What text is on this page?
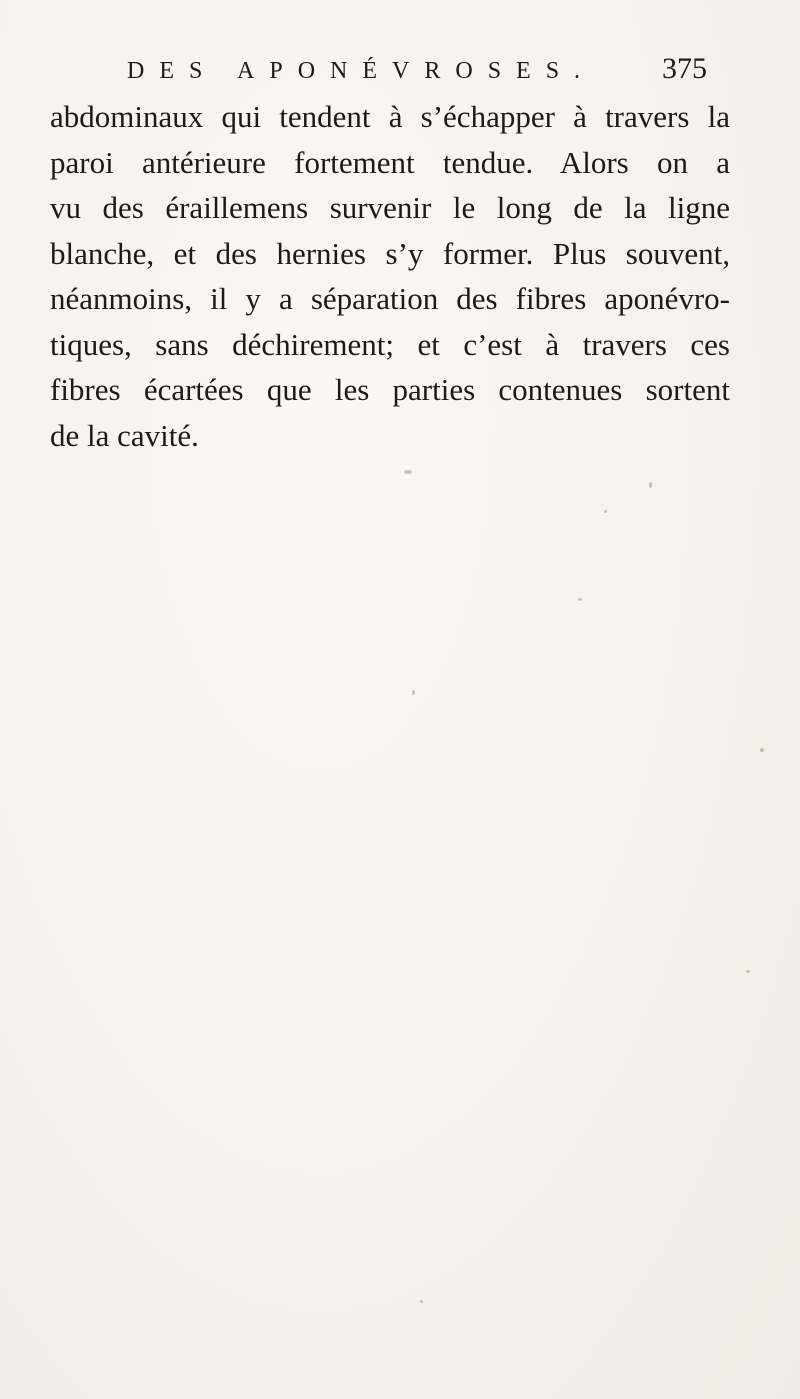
DES APONÉVROSES. 375
abdominaux qui tendent à s’échapper à travers la
paroi antérieure fortement tendue. Alors on a
vu des éraillemens survenir le long de la ligne
blanche, et des hernies s’y former. Plus souvent,
néanmoins, il y a séparation des fibres aponévro-
tiques, sans déchirement; et c’est à travers ces
fibres écartées que les parties contenues sortent
de la cavité.
